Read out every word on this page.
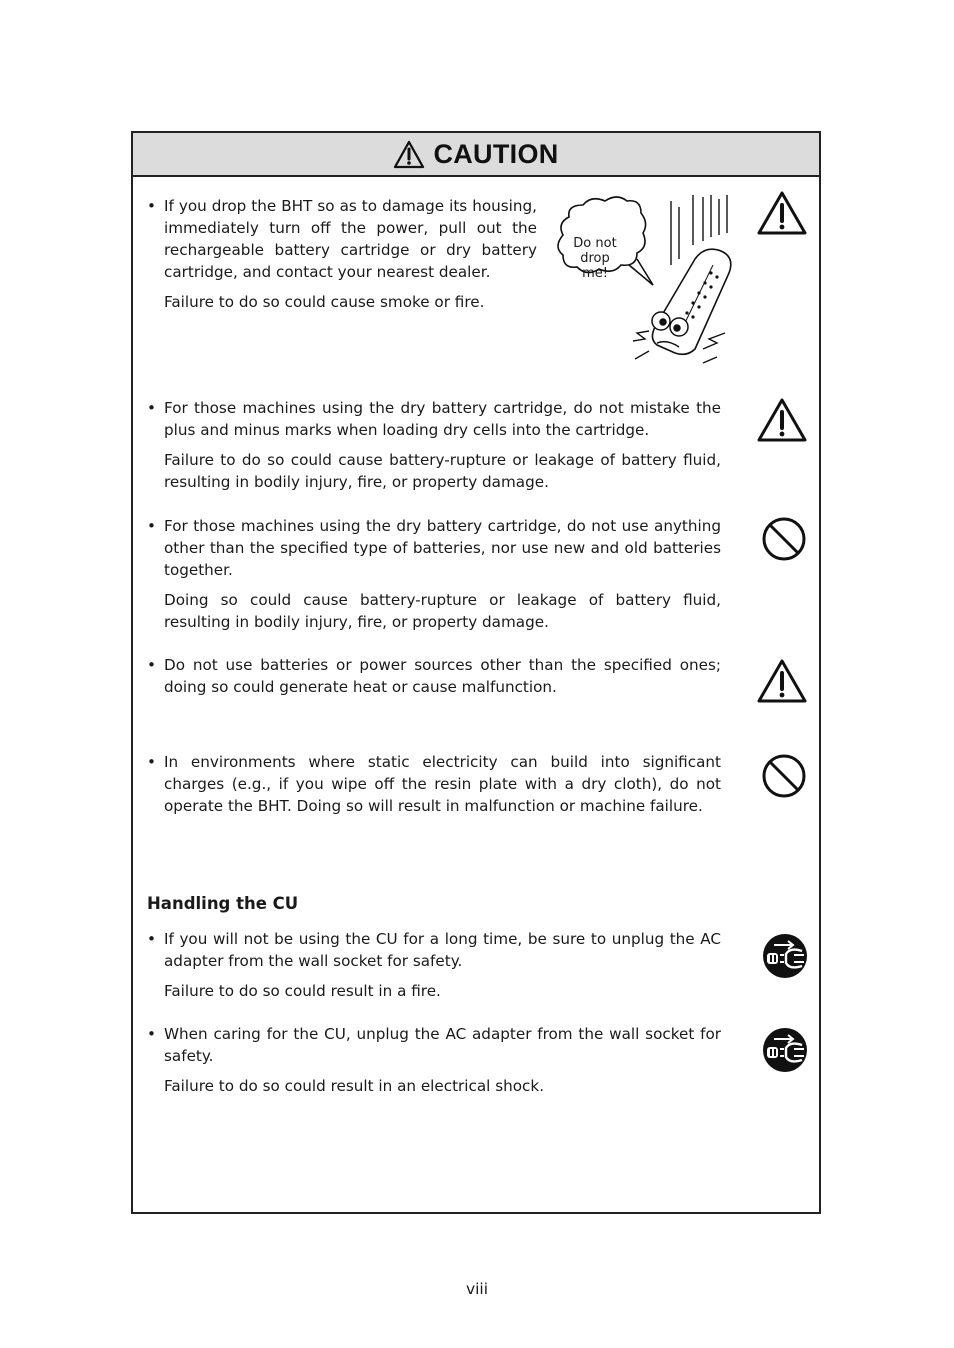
CAUTION
• If you drop the BHT so as to damage its housing, immediately turn off the power, pull out the rechargeable battery cartridge or dry battery cartridge, and contact your nearest dealer.
Failure to do so could cause smoke or fire.
Do not drop me!
• For those machines using the dry battery cartridge, do not mistake the plus and minus marks when loading dry cells into the cartridge.
Failure to do so could cause battery-rupture or leakage of battery fluid, resulting in bodily injury, fire, or property damage.
• For those machines using the dry battery cartridge, do not use anything other than the specified type of batteries, nor use new and old batteries together.
Doing so could cause battery-rupture or leakage of battery fluid, resulting in bodily injury, fire, or property damage.
• Do not use batteries or power sources other than the specified ones; doing so could generate heat or cause malfunction.
• In environments where static electricity can build into significant charges (e.g., if you wipe off the resin plate with a dry cloth), do not operate the BHT. Doing so will result in malfunction or machine failure.
Handling the CU
• If you will not be using the CU for a long time, be sure to unplug the AC adapter from the wall socket for safety.
Failure to do so could result in a fire.
• When caring for the CU, unplug the AC adapter from the wall socket for safety.
Failure to do so could result in an electrical shock.
viii
